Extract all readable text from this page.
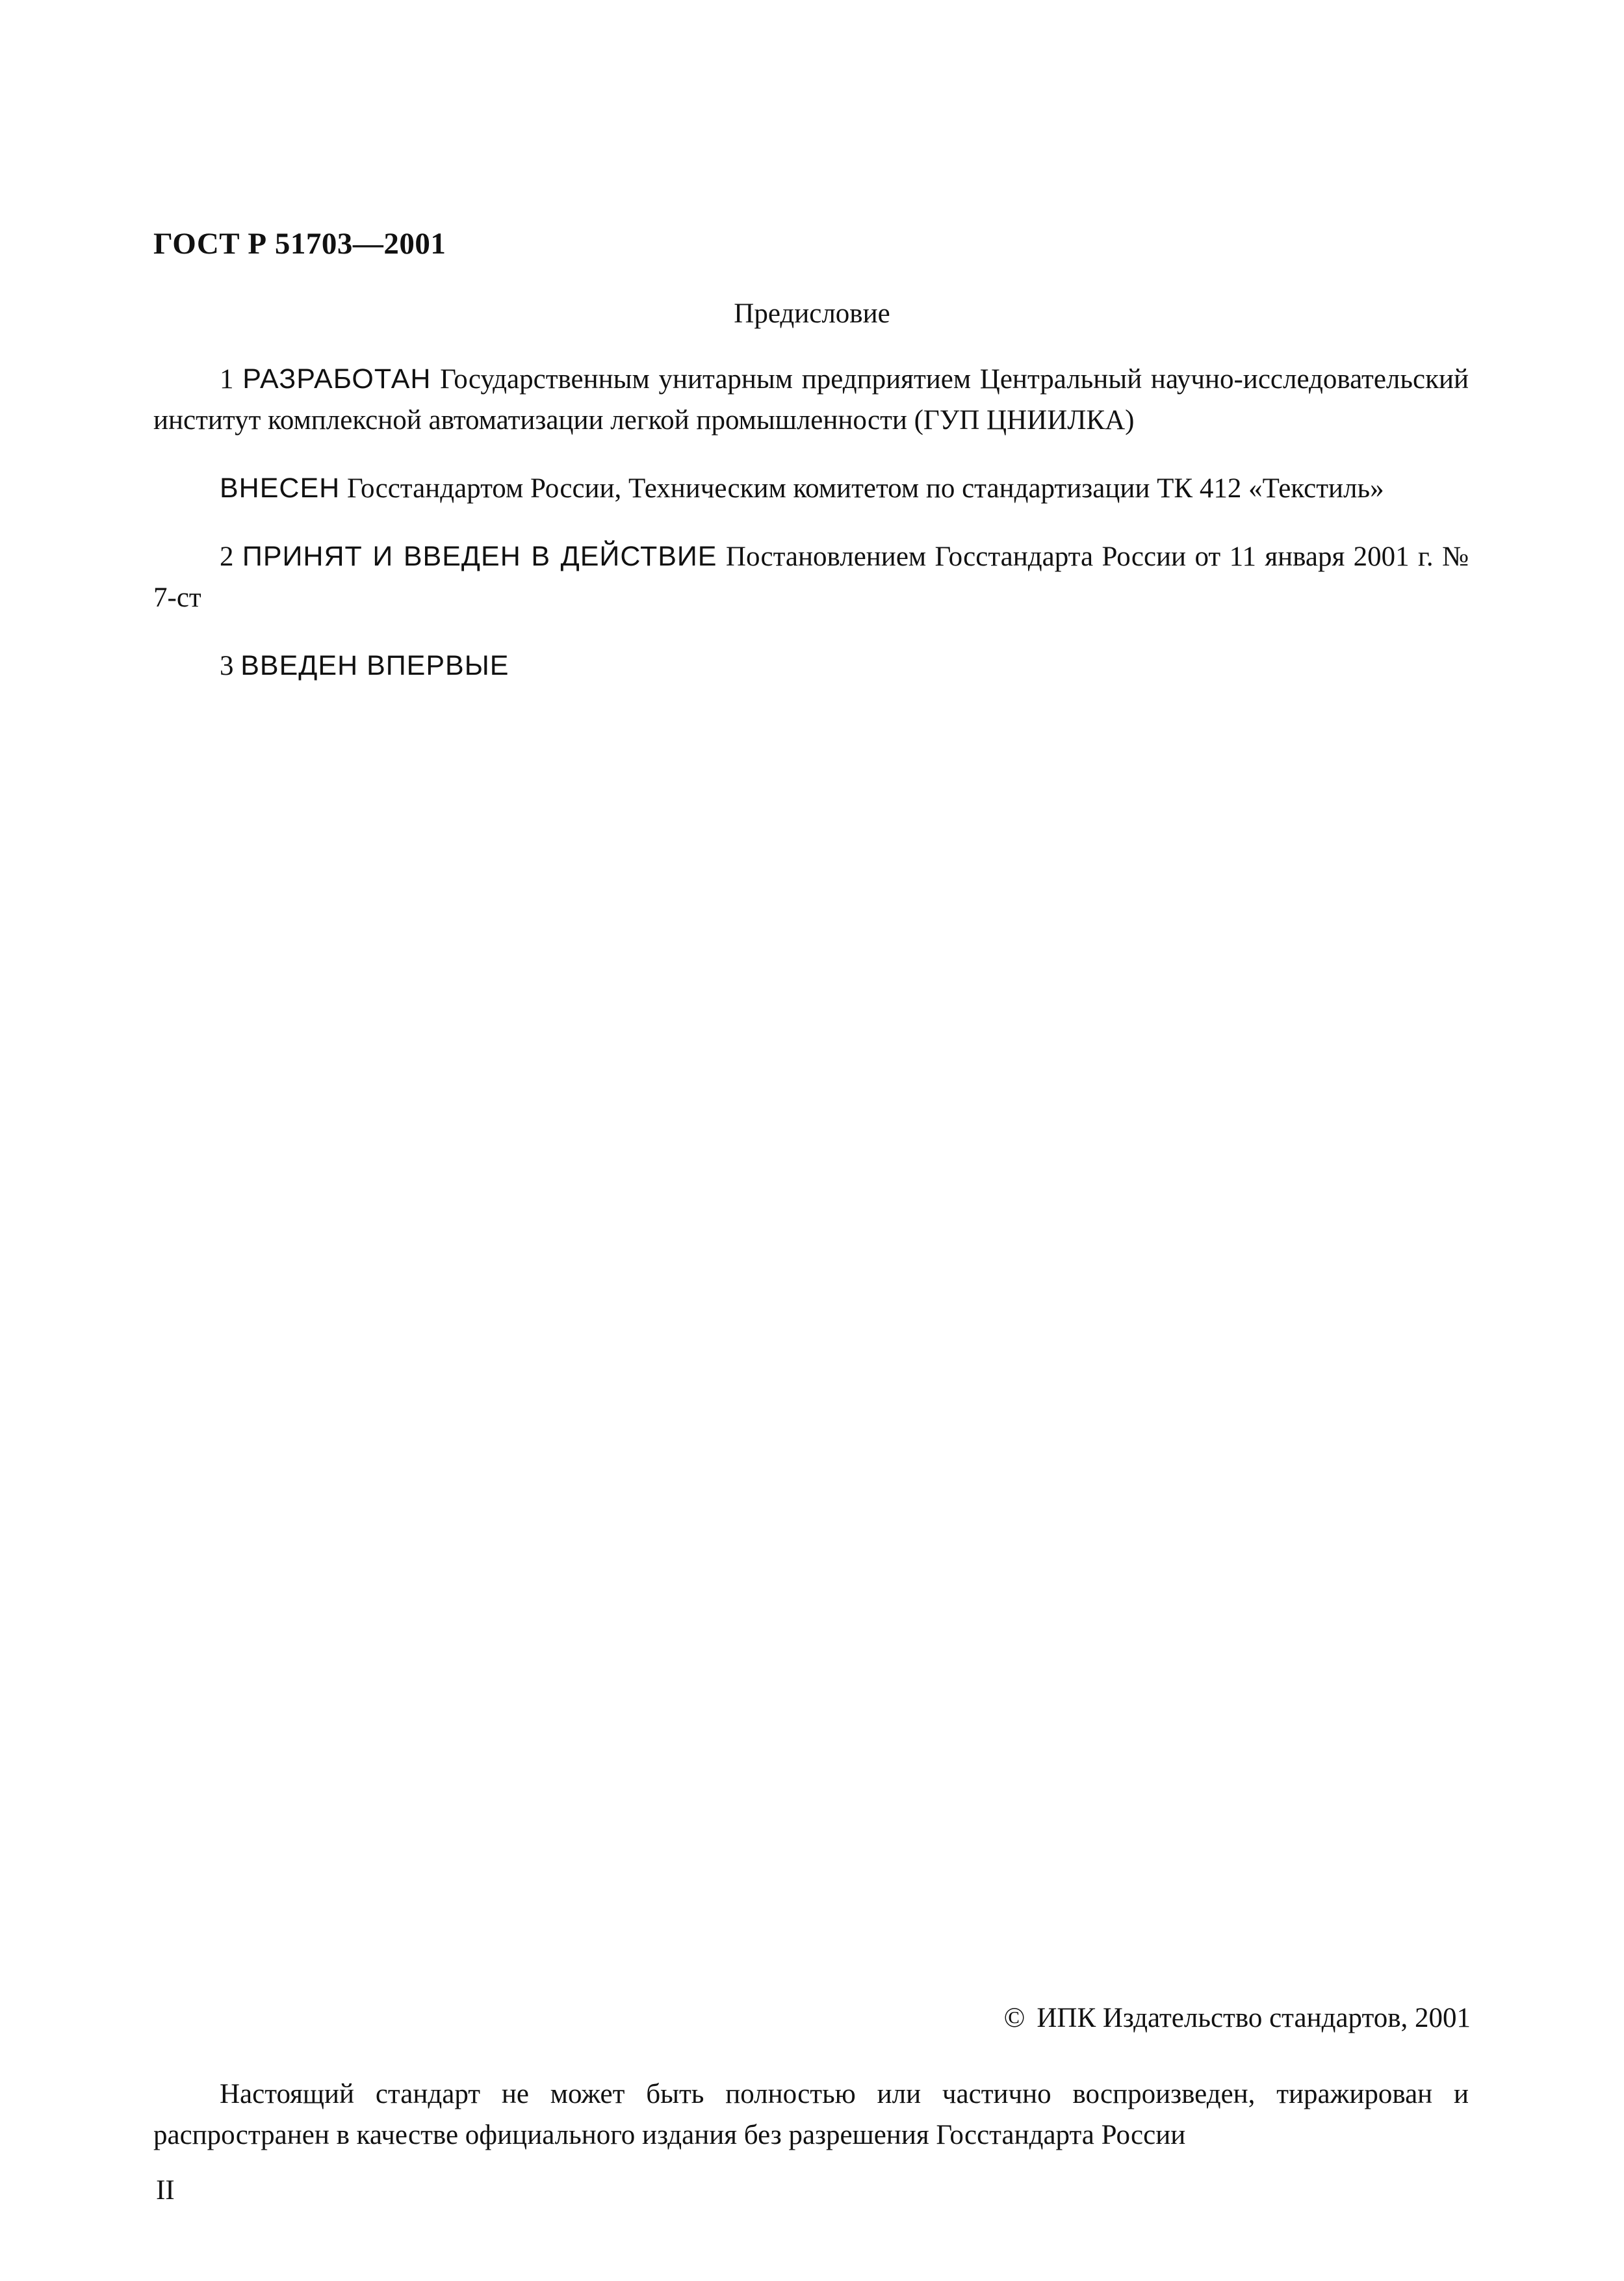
ГОСТ Р 51703—2001
Предисловие

1 РАЗРАБОТАН Государственным унитарным предприятием Центральный научно-исследовательский институт комплексной автоматизации легкой промышленности (ГУП ЦНИИЛКА)

ВНЕСЕН Госстандартом России, Техническим комитетом по стандартизации ТК 412 «Текстиль»

2 ПРИНЯТ И ВВЕДЕН В ДЕЙСТВИЕ Постановлением Госстандарта России от 11 января 2001 г. № 7-ст

3 ВВЕДЕН ВПЕРВЫЕ

© ИПК Издательство стандартов, 2001

Настоящий стандарт не может быть полностью или частично воспроизведен, тиражирован и распространен в качестве официального издания без разрешения Госстандарта России

II
